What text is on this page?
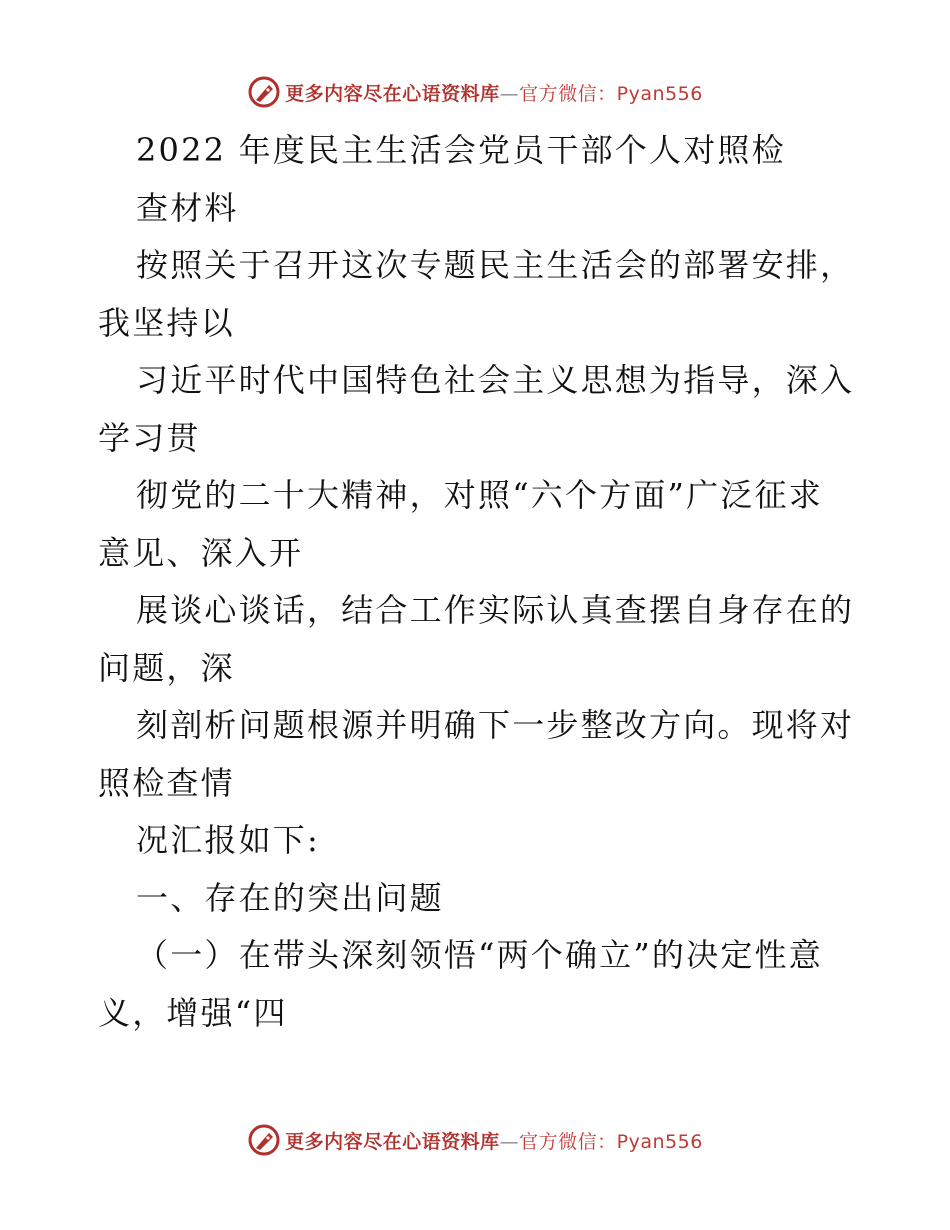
更多内容尽在心语资料库—官方微信：Pyan556
2022 年度民主生活会党员干部个人对照检
查材料
按照关于召开这次专题民主生活会的部署安排，
我坚持以
习近平时代中国特色社会主义思想为指导，深入
学习贯
彻党的二十大精神，对照“六个方面”广泛征求
意见、深入开
展谈心谈话，结合工作实际认真查摆自身存在的
问题，深
刻剖析问题根源并明确下一步整改方向。现将对
照检查情
况汇报如下:
一、存在的突出问题
（一）在带头深刻领悟“两个确立”的决定性意
义，增强“四
更多内容尽在心语资料库—官方微信：Pyan556
